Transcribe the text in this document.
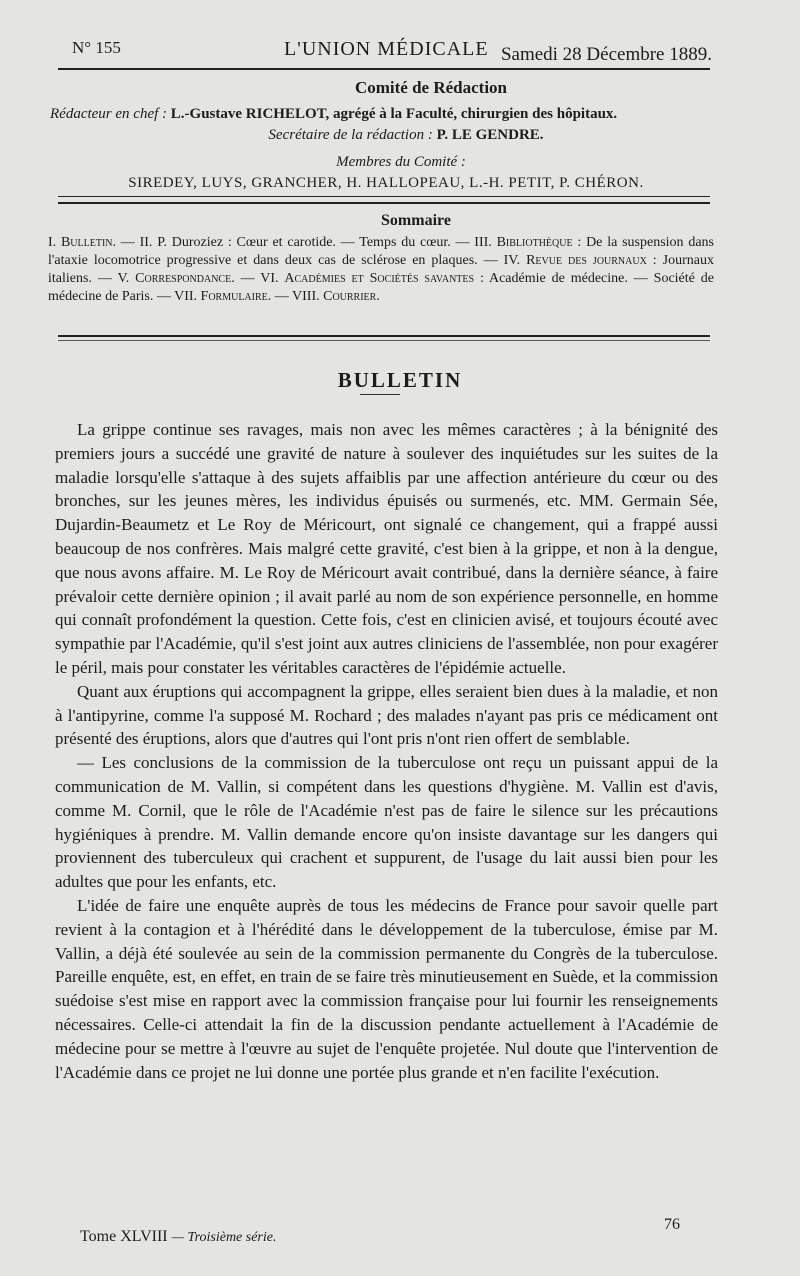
N° 155	L'UNION MÉDICALE Samedi 28 Décembre 1889.
Comité de Rédaction
Rédacteur en chef : L.-Gustave RICHELOT, agrégé à la Faculté, chirurgien des hôpitaux.
Secrétaire de la rédaction : P. LE GENDRE.
Membres du Comité :
SIREDEY, LUYS, GRANCHER, H. HALLOPEAU, L.-H. PETIT, P. CHÉRON.
Sommaire
I. Bulletin. — II. P. Duroziez : Cœur et carotide. — Temps du cœur. — III. Bibliothèque : De la suspension dans l'ataxie locomotrice progressive et dans deux cas de sclérose en plaques. — IV. Revue des journaux : Journaux italiens. — V. Correspondance. — VI. Académies et Sociétés savantes : Académie de médecine. — Société de médecine de Paris. — VII. Formulaire. — VIII. Courrier.
BULLETIN

La grippe continue ses ravages, mais non avec les mêmes caractères ; à la bénignité des premiers jours a succédé une gravité de nature à soulever des inquiétudes sur les suites de la maladie lorsqu'elle s'attaque à des sujets affaiblis par une affection antérieure du cœur ou des bronches, sur les jeunes mères, les individus épuisés ou surmenés, etc. MM. Germain Sée, Dujardin-Beaumetz et Le Roy de Méricourt, ont signalé ce changement, qui a frappé aussi beaucoup de nos confrères. Mais malgré cette gravité, c'est bien à la grippe, et non à la dengue, que nous avons affaire. M. Le Roy de Méricourt avait contribué, dans la dernière séance, à faire prévaloir cette dernière opinion ; il avait parlé au nom de son expérience personnelle, en homme qui connaît profondément la question. Cette fois, c'est en clinicien avisé, et toujours écouté avec sympathie par l'Académie, qu'il s'est joint aux autres cliniciens de l'assemblée, non pour exagérer le péril, mais pour constater les véritables caractères de l'épidémie actuelle.

Quant aux éruptions qui accompagnent la grippe, elles seraient bien dues à la maladie, et non à l'antipyrine, comme l'a supposé M. Rochard ; des malades n'ayant pas pris ce médicament ont présenté des éruptions, alors que d'autres qui l'ont pris n'ont rien offert de semblable.

— Les conclusions de la commission de la tuberculose ont reçu un puissant appui de la communication de M. Vallin, si compétent dans les questions d'hygiène. M. Vallin est d'avis, comme M. Cornil, que le rôle de l'Académie n'est pas de faire le silence sur les précautions hygiéniques à prendre. M. Vallin demande encore qu'on insiste davantage sur les dangers qui proviennent des tuberculeux qui crachent et suppurent, de l'usage du lait aussi bien pour les adultes que pour les enfants, etc.

L'idée de faire une enquête auprès de tous les médecins de France pour savoir quelle part revient à la contagion et à l'hérédité dans le développement de la tuberculose, émise par M. Vallin, a déjà été soulevée au sein de la commission permanente du Congrès de la tuberculose. Pareille enquête, est, en effet, en train de se faire très minutieusement en Suède, et la commission suédoise s'est mise en rapport avec la commission française pour lui fournir les renseignements nécessaires. Celle-ci attendait la fin de la discussion pendante actuellement à l'Académie de médecine pour se mettre à l'œuvre au sujet de l'enquête projetée. Nul doute que l'intervention de l'Académie dans ce projet ne lui donne une portée plus grande et n'en facilite l'exécution.

Tome XLVIII — Troisième série.
76
